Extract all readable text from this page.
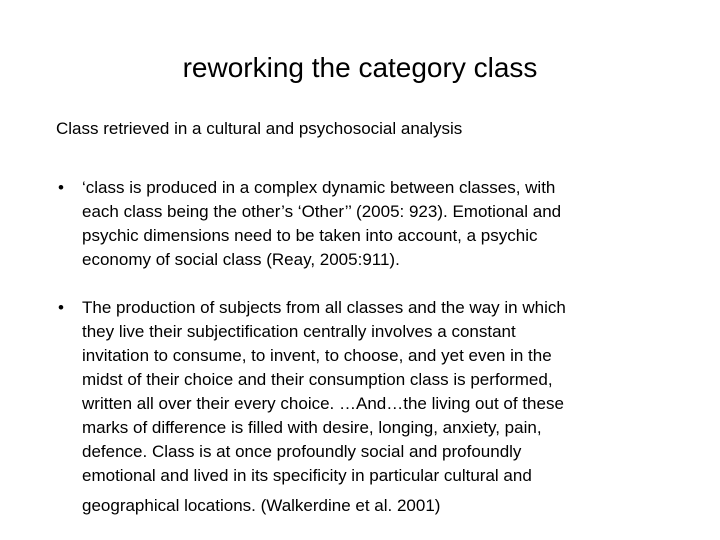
reworking the category class
Class retrieved in a cultural and psychosocial analysis
• ‘class is produced in a complex dynamic between classes, with
each class being the other’s ‘Other’’ (2005: 923). Emotional and
psychic dimensions need to be taken into account, a psychic
economy of social class (Reay, 2005:911).
• The production of subjects from all classes and the way in which
they live their subjectification centrally involves a constant
invitation to consume, to invent, to choose, and yet even in the
midst of their choice and their consumption class is performed,
written all over their every choice. …And…the living out of these
marks of difference is filled with desire, longing, anxiety, pain,
defence. Class is at once profoundly social and profoundly
emotional and lived in its specificity in particular cultural and
geographical locations. (Walkerdine et al. 2001)
